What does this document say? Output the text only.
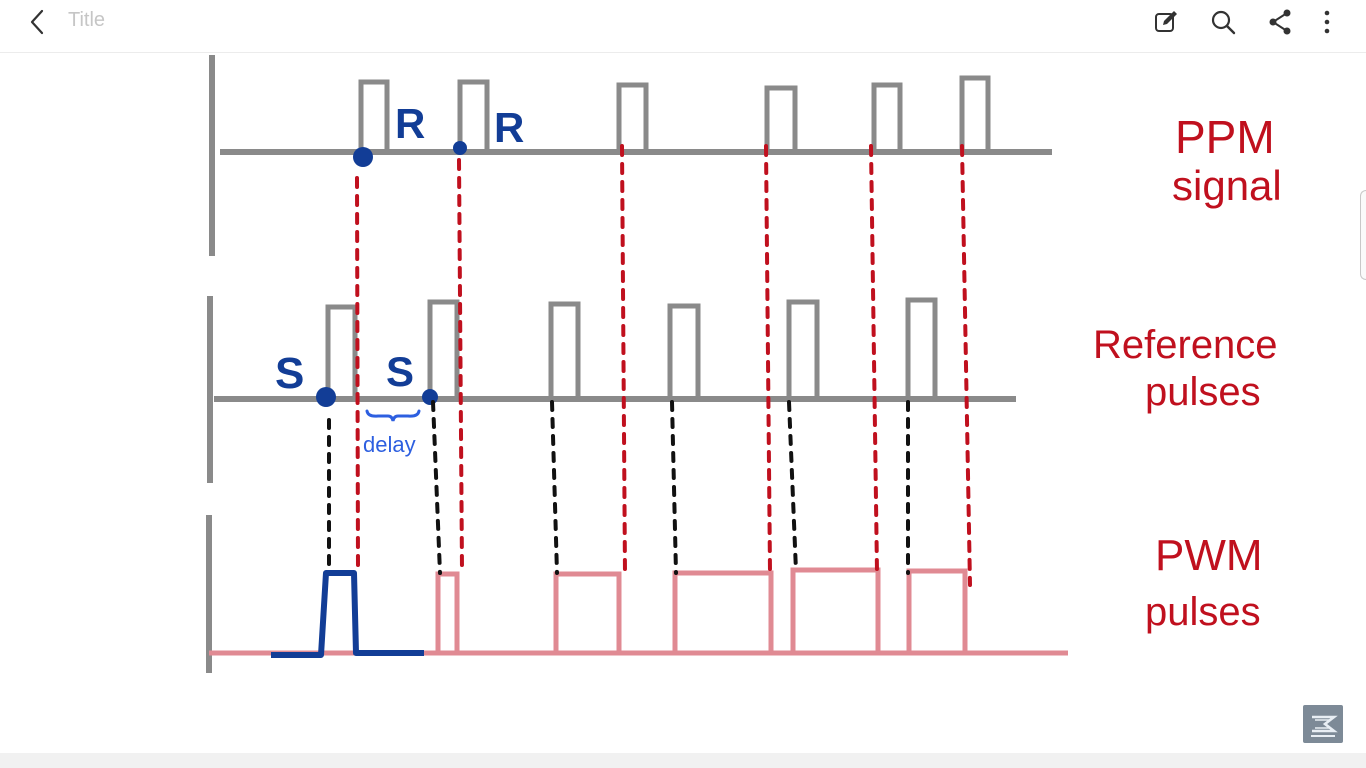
Title
R R
S S
delay
PPM
signal
Reference
pulses
PWM
pulses
